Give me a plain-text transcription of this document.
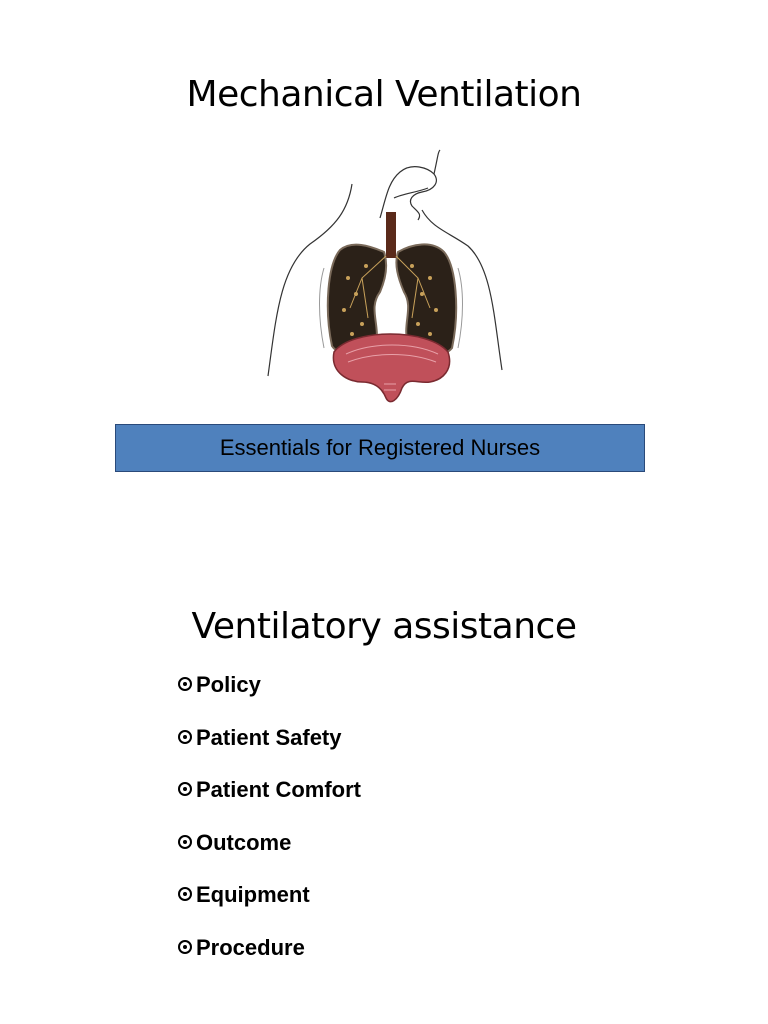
Mechanical Ventilation
Essentials for Registered Nurses
Ventilatory assistance
Policy
Patient Safety
Patient Comfort
Outcome
Equipment
Procedure
